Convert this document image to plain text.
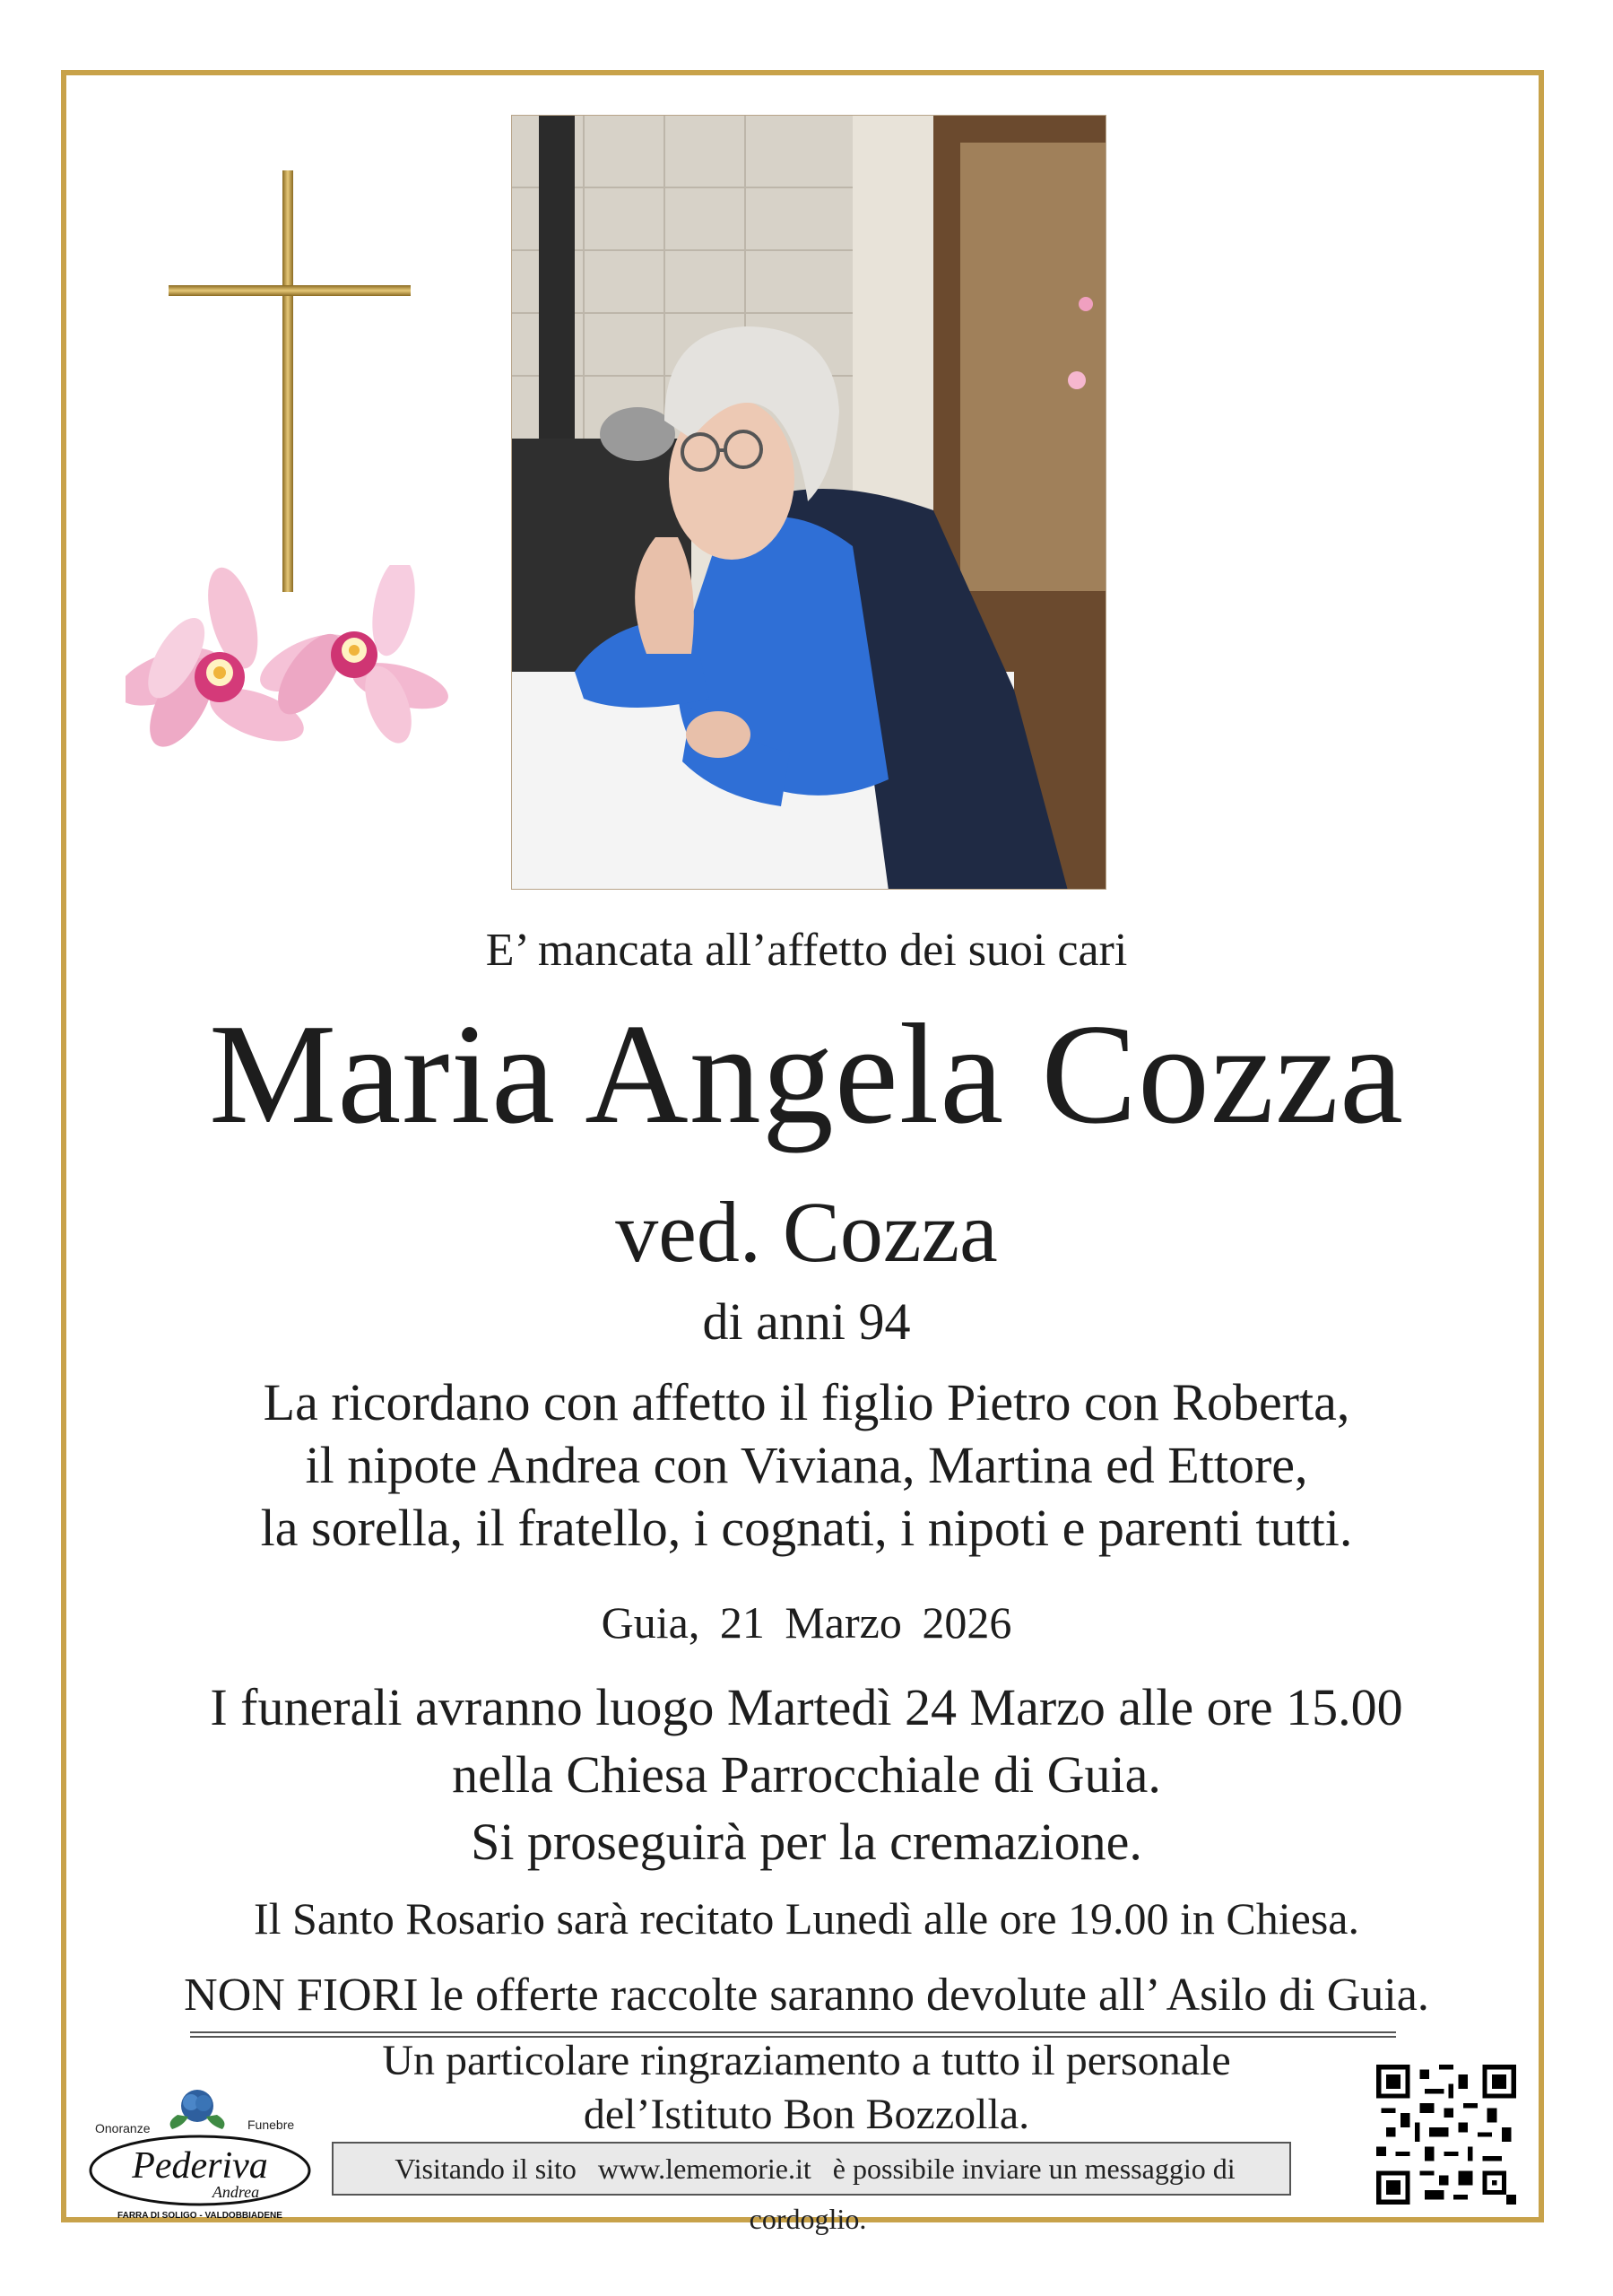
E’ mancata all’affetto dei suoi cari
Maria Angela Cozza
ved. Cozza
di anni 94
La ricordano con affetto il figlio Pietro con Roberta,
il nipote Andrea con Viviana, Martina ed Ettore,
la sorella, il fratello, i cognati, i nipoti e parenti tutti.
Guia, 21 Marzo 2026
I funerali avranno luogo Martedì 24 Marzo alle ore 15.00
nella Chiesa Parrocchiale di Guia.
Si proseguirà per la cremazione.
Il Santo Rosario sarà recitato Lunedì alle ore 19.00 in Chiesa.
NON FIORI le offerte raccolte saranno devolute all’ Asilo di Guia.
Un particolare ringraziamento a tutto il personale
del’Istituto Bon Bozzolla.
Visitando il sito www.lememorie.it è possibile inviare un messaggio di cordoglio.
Onoranze	Funebre
Pederiva
Andrea
FARRA DI SOLIGO - VALDOBBIADENE
